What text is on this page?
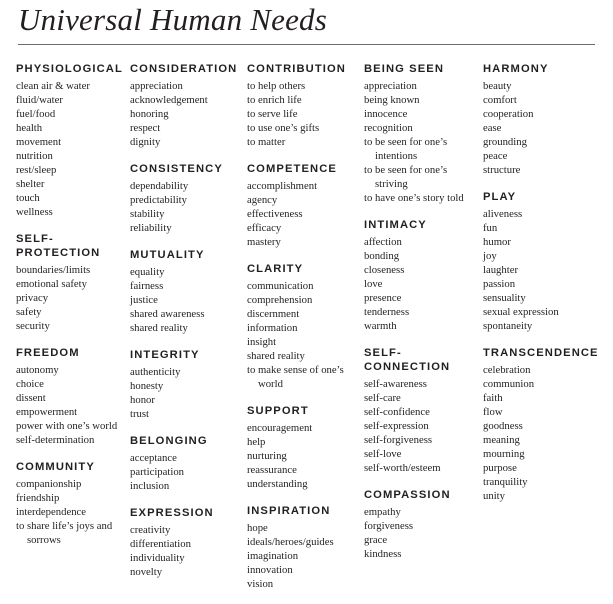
Universal Human Needs
PHYSIOLOGICAL
clean air & water
fluid/water
fuel/food
health
movement
nutrition
rest/sleep
shelter
touch
wellness
SELF-PROTECTION
boundaries/limits
emotional safety
privacy
safety
security
FREEDOM
autonomy
choice
dissent
empowerment
power with one’s world
self-determination
COMMUNITY
companionship
friendship
interdependence
to share life’s joys and sorrows
CONSIDERATION
appreciation
acknowledgement
honoring
respect
dignity
CONSISTENCY
dependability
predictability
stability
reliability
MUTUALITY
equality
fairness
justice
shared awareness
shared reality
INTEGRITY
authenticity
honesty
honor
trust
BELONGING
acceptance
participation
inclusion
EXPRESSION
creativity
differentiation
individuality
novelty
CONTRIBUTION
to help others
to enrich life
to serve life
to use one’s gifts
to matter
COMPETENCE
accomplishment
agency
effectiveness
efficacy
mastery
CLARITY
communication
comprehension
discernment
information
insight
shared reality
to make sense of one’s world
SUPPORT
encouragement
help
nurturing
reassurance
understanding
INSPIRATION
hope
ideals/heroes/guides
imagination
innovation
vision
BEING SEEN
appreciation
being known
innocence
recognition
to be seen for one’s intentions
to be seen for one’s striving
to have one’s story told
INTIMACY
affection
bonding
closeness
love
presence
tenderness
warmth
SELF-CONNECTION
self-awareness
self-care
self-confidence
self-expression
self-forgiveness
self-love
self-worth/esteem
COMPASSION
empathy
forgiveness
grace
kindness
HARMONY
beauty
comfort
cooperation
ease
grounding
peace
structure
PLAY
aliveness
fun
humor
joy
laughter
passion
sensuality
sexual expression
spontaneity
TRANSCENDENCE
celebration
communion
faith
flow
goodness
meaning
mourning
purpose
tranquility
unity
